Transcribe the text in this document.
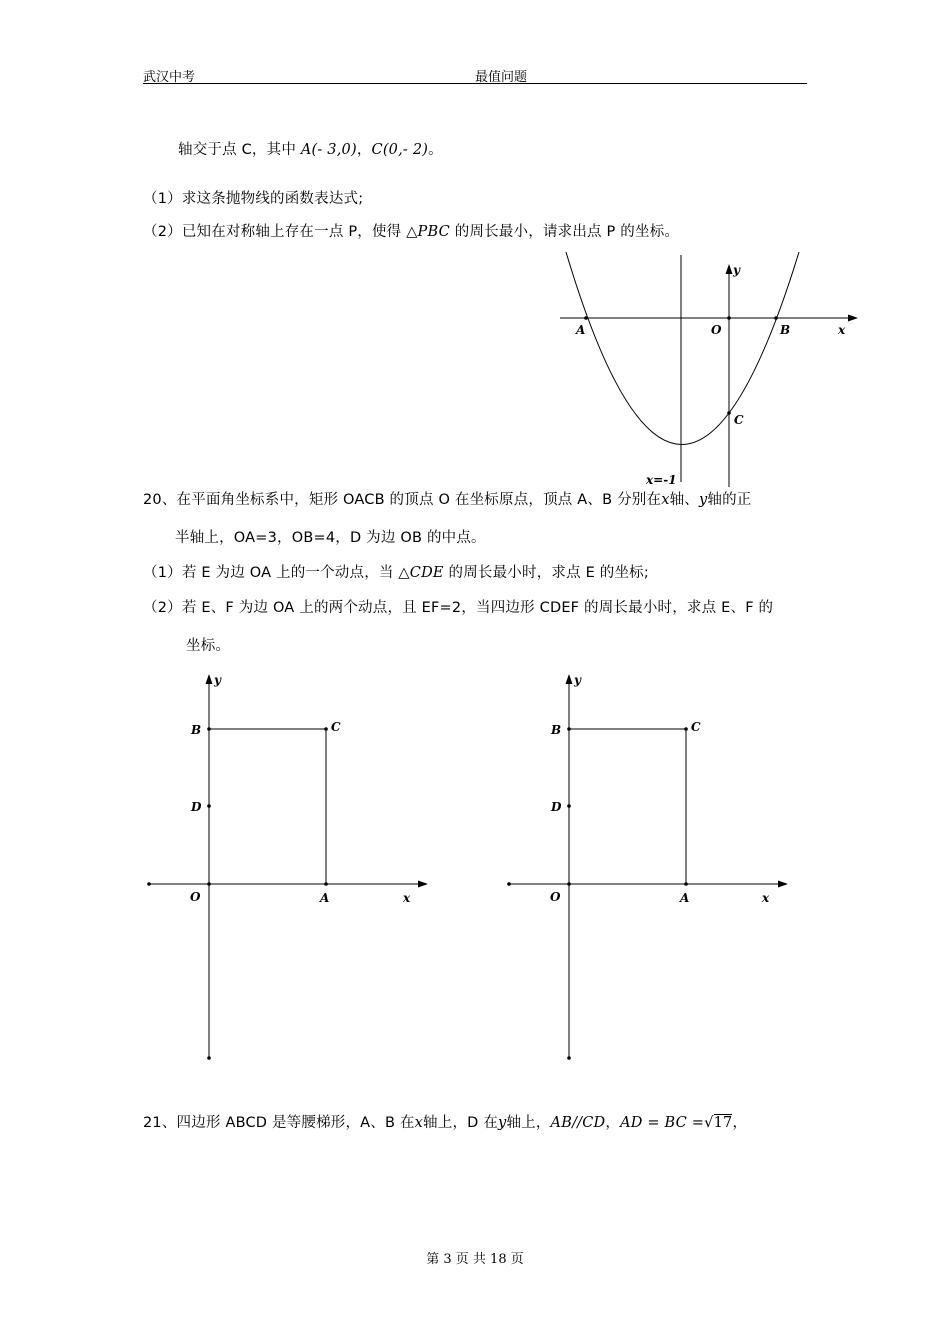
武汉中考	最值问题
轴交于点 C，其中 A(- 3,0)，C(0,- 2)。
（1）求这条抛物线的函数表达式;
（2）已知在对称轴上存在一点 P，使得 △PBC 的周长最小，请求出点 P 的坐标。
y
x
A	O	B
C
x=-1
20、在平面角坐标系中，矩形 OACB 的顶点 O 在坐标原点，顶点 A、B 分别在x轴、y轴的正
半轴上，OA=3，OB=4，D 为边 OB 的中点。
（1）若 E 为边 OA 上的一个动点，当 △CDE 的周长最小时，求点 E 的坐标;
（2）若 E、F 为边 OA 上的两个动点，且 EF=2，当四边形 CDEF 的周长最小时，求点 E、F 的
坐标。
y
B	C
D
O	A	x
y
B	C
D
O	A	x
21、四边形 ABCD 是等腰梯形，A、B 在x轴上，D 在y轴上，AB//CD，AD = BC =√17，
第 3 页 共 18 页
